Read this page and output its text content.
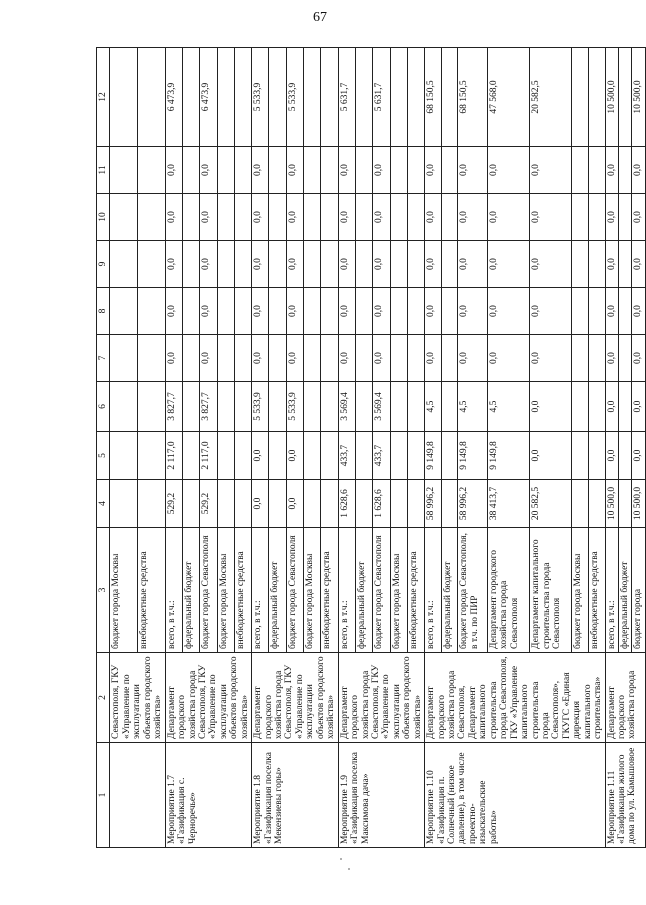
67
1	2	3	4	5	6	7	8	9	10	11	12
	Севастополя, ГКУ «Управление по эксплуатации объектов городского хозяйства»	бюджет города Москвы									
		внебюджетные средства									
Мероприятие 1.7 «Газификация с. Черноречье»	Департамент городского хозяйства города Севастополя, ГКУ «Управление по эксплуатации объектов городского хозяйства»	всего, в т.ч.:	529,2	2 117,0	3 827,7	0,0	0,0	0,0	0,0	0,0	6 473,9
		федеральный бюджет									
		бюджет города Севастополя	529,2	2 117,0	3 827,7	0,0	0,0	0,0	0,0	0,0	6 473,9
		бюджет города Москвы									
		внебюджетные средства									
Мероприятие 1.8 «Газификация поселка Мекензиевы горы»	Департамент городского хозяйства города Севастополя, ГКУ «Управление по эксплуатации объектов городского хозяйства»	всего, в т.ч.:	0,0	0,0	5 533,9	0,0	0,0	0,0	0,0	0,0	5 533,9
		федеральный бюджет									
		бюджет города Севастополя	0,0	0,0	5 533,9	0,0	0,0	0,0	0,0	0,0	5 533,9
		бюджет города Москвы									
		внебюджетные средства									
Мероприятие 1.9 «Газификация поселка Максимова дача»	Департамент городского хозяйства города Севастополя, ГКУ «Управление по эксплуатации объектов городского хозяйства»	всего, в т.ч.:	1 628,6	433,7	3 569,4	0,0	0,0	0,0	0,0	0,0	5 631,7
		федеральный бюджет									
		бюджет города Севастополя	1 628,6	433,7	3 569,4	0,0	0,0	0,0	0,0	0,0	5 631,7
		бюджет города Москвы									
		внебюджетные средства									
Мероприятие 1.10 «Газификация п. Солнечный (низкое давление), в том числе проектно-изыскательские работы»	Департамент городского хозяйства города Севастополя, Департамент капитального строительства города Севастополя, ГКУ «Управление капитального строительства города Севастополя», ГКУГС «Единая дирекция капитального строительства»	всего, в т.ч.:	58 996,2	9 149,8	4,5	0,0	0,0	0,0	0,0	0,0	68 150,5
		федеральный бюджет									
		бюджет города Севастополя, в т.ч. по ПИР	58 996,2	9 149,8	4,5	0,0	0,0	0,0	0,0	0,0	68 150,5
		Департамент городского хозяйства города Севастополя	38 413,7	9 149,8	4,5	0,0	0,0	0,0	0,0	0,0	47 568,0
		Департамент капитального строительства города Севастополя	20 582,5	0,0	0,0	0,0	0,0	0,0	0,0	0,0	20 582,5
		бюджет города Москвы									
		внебюджетные средства									
Мероприятие 1.11 «Газификация жилого дома по ул. Камышовое	Департамент городского хозяйства города	всего, в т.ч.:	10 500,0	0,0	0,0	0,0	0,0	0,0	0,0	0,0	10 500,0
		федеральный бюджет									
		бюджет города	10 500,0	0,0	0,0	0,0	0,0	0,0	0,0	0,0	10 500,0
